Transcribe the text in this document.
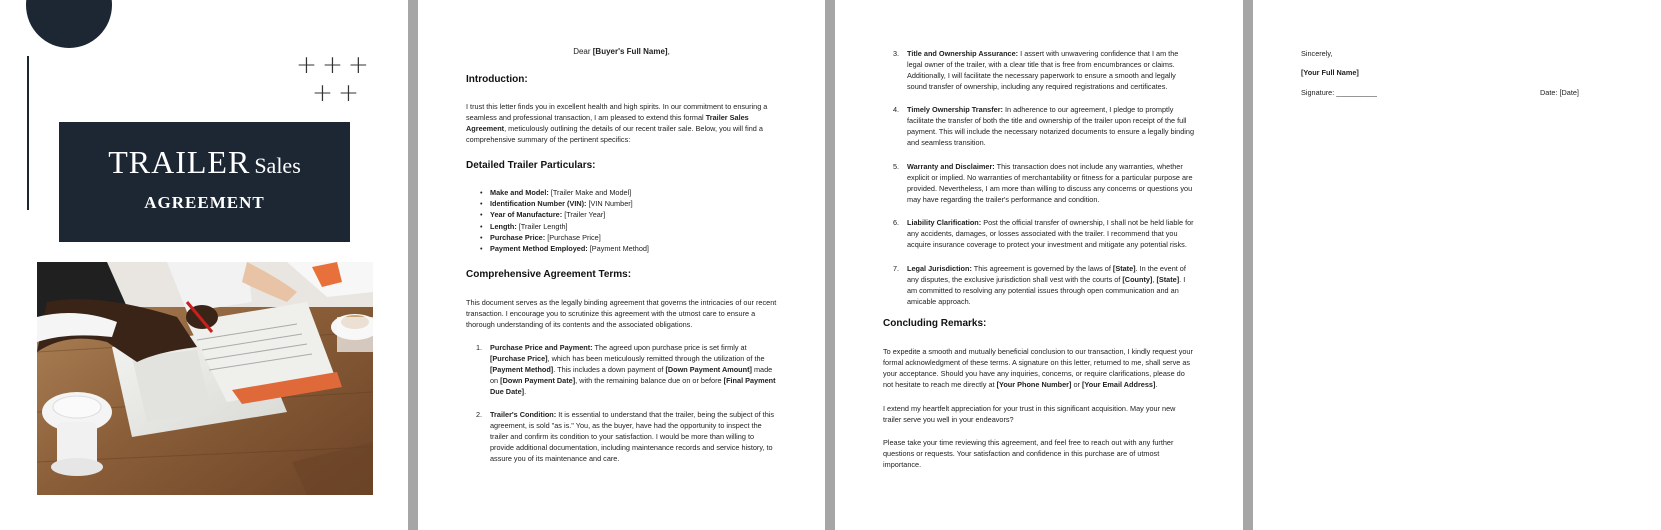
+++
++
TRAILER Sales
AGREEMENT
Dear [Buyer's Full Name],
Introduction:
I trust this letter finds you in excellent health and high spirits. In our commitment to ensuring a seamless and professional transaction, I am pleased to extend this formal Trailer Sales Agreement, meticulously outlining the details of our recent trailer sale. Below, you will find a comprehensive summary of the pertinent specifics:
Detailed Trailer Particulars:
• Make and Model: [Trailer Make and Model]
• Identification Number (VIN): [VIN Number]
• Year of Manufacture: [Trailer Year]
• Length: [Trailer Length]
• Purchase Price: [Purchase Price]
• Payment Method Employed: [Payment Method]
Comprehensive Agreement Terms:
This document serves as the legally binding agreement that governs the intricacies of our recent transaction. I encourage you to scrutinize this agreement with the utmost care to ensure a thorough understanding of its contents and the associated obligations.
1. Purchase Price and Payment: The agreed upon purchase price is set firmly at [Purchase Price], which has been meticulously remitted through the utilization of the [Payment Method]. This includes a down payment of [Down Payment Amount] made on [Down Payment Date], with the remaining balance due on or before [Final Payment Due Date].
2. Trailer's Condition: It is essential to understand that the trailer, being the subject of this agreement, is sold "as is." You, as the buyer, have had the opportunity to inspect the trailer and confirm its condition to your satisfaction. I would be more than willing to provide additional documentation, including maintenance records and service history, to assure you of its maintenance and care.
3. Title and Ownership Assurance: I assert with unwavering confidence that I am the legal owner of the trailer, with a clear title that is free from encumbrances or claims. Additionally, I will facilitate the necessary paperwork to ensure a smooth and legally sound transfer of ownership, including any required registrations and certificates.
4. Timely Ownership Transfer: In adherence to our agreement, I pledge to promptly facilitate the transfer of both the title and ownership of the trailer upon receipt of the full payment. This will include the necessary notarized documents to ensure a legally binding and seamless transition.
5. Warranty and Disclaimer: This transaction does not include any warranties, whether explicit or implied. No warranties of merchantability or fitness for a particular purpose are provided. Nevertheless, I am more than willing to discuss any concerns or questions you may have regarding the trailer's performance and condition.
6. Liability Clarification: Post the official transfer of ownership, I shall not be held liable for any accidents, damages, or losses associated with the trailer. I recommend that you acquire insurance coverage to protect your investment and mitigate any potential risks.
7. Legal Jurisdiction: This agreement is governed by the laws of [State]. In the event of any disputes, the exclusive jurisdiction shall vest with the courts of [County], [State]. I am committed to resolving any potential issues through open communication and an amicable approach.
Concluding Remarks:
To expedite a smooth and mutually beneficial conclusion to our transaction, I kindly request your formal acknowledgment of these terms. A signature on this letter, returned to me, shall serve as your acceptance. Should you have any inquiries, concerns, or require clarifications, please do not hesitate to reach me directly at [Your Phone Number] or [Your Email Address].
I extend my heartfelt appreciation for your trust in this significant acquisition. May your new trailer serve you well in your endeavors?
Please take your time reviewing this agreement, and feel free to reach out with any further questions or requests. Your satisfaction and confidence in this purchase are of utmost importance.
Sincerely,
[Your Full Name]
Signature: __________	Date: [Date]
